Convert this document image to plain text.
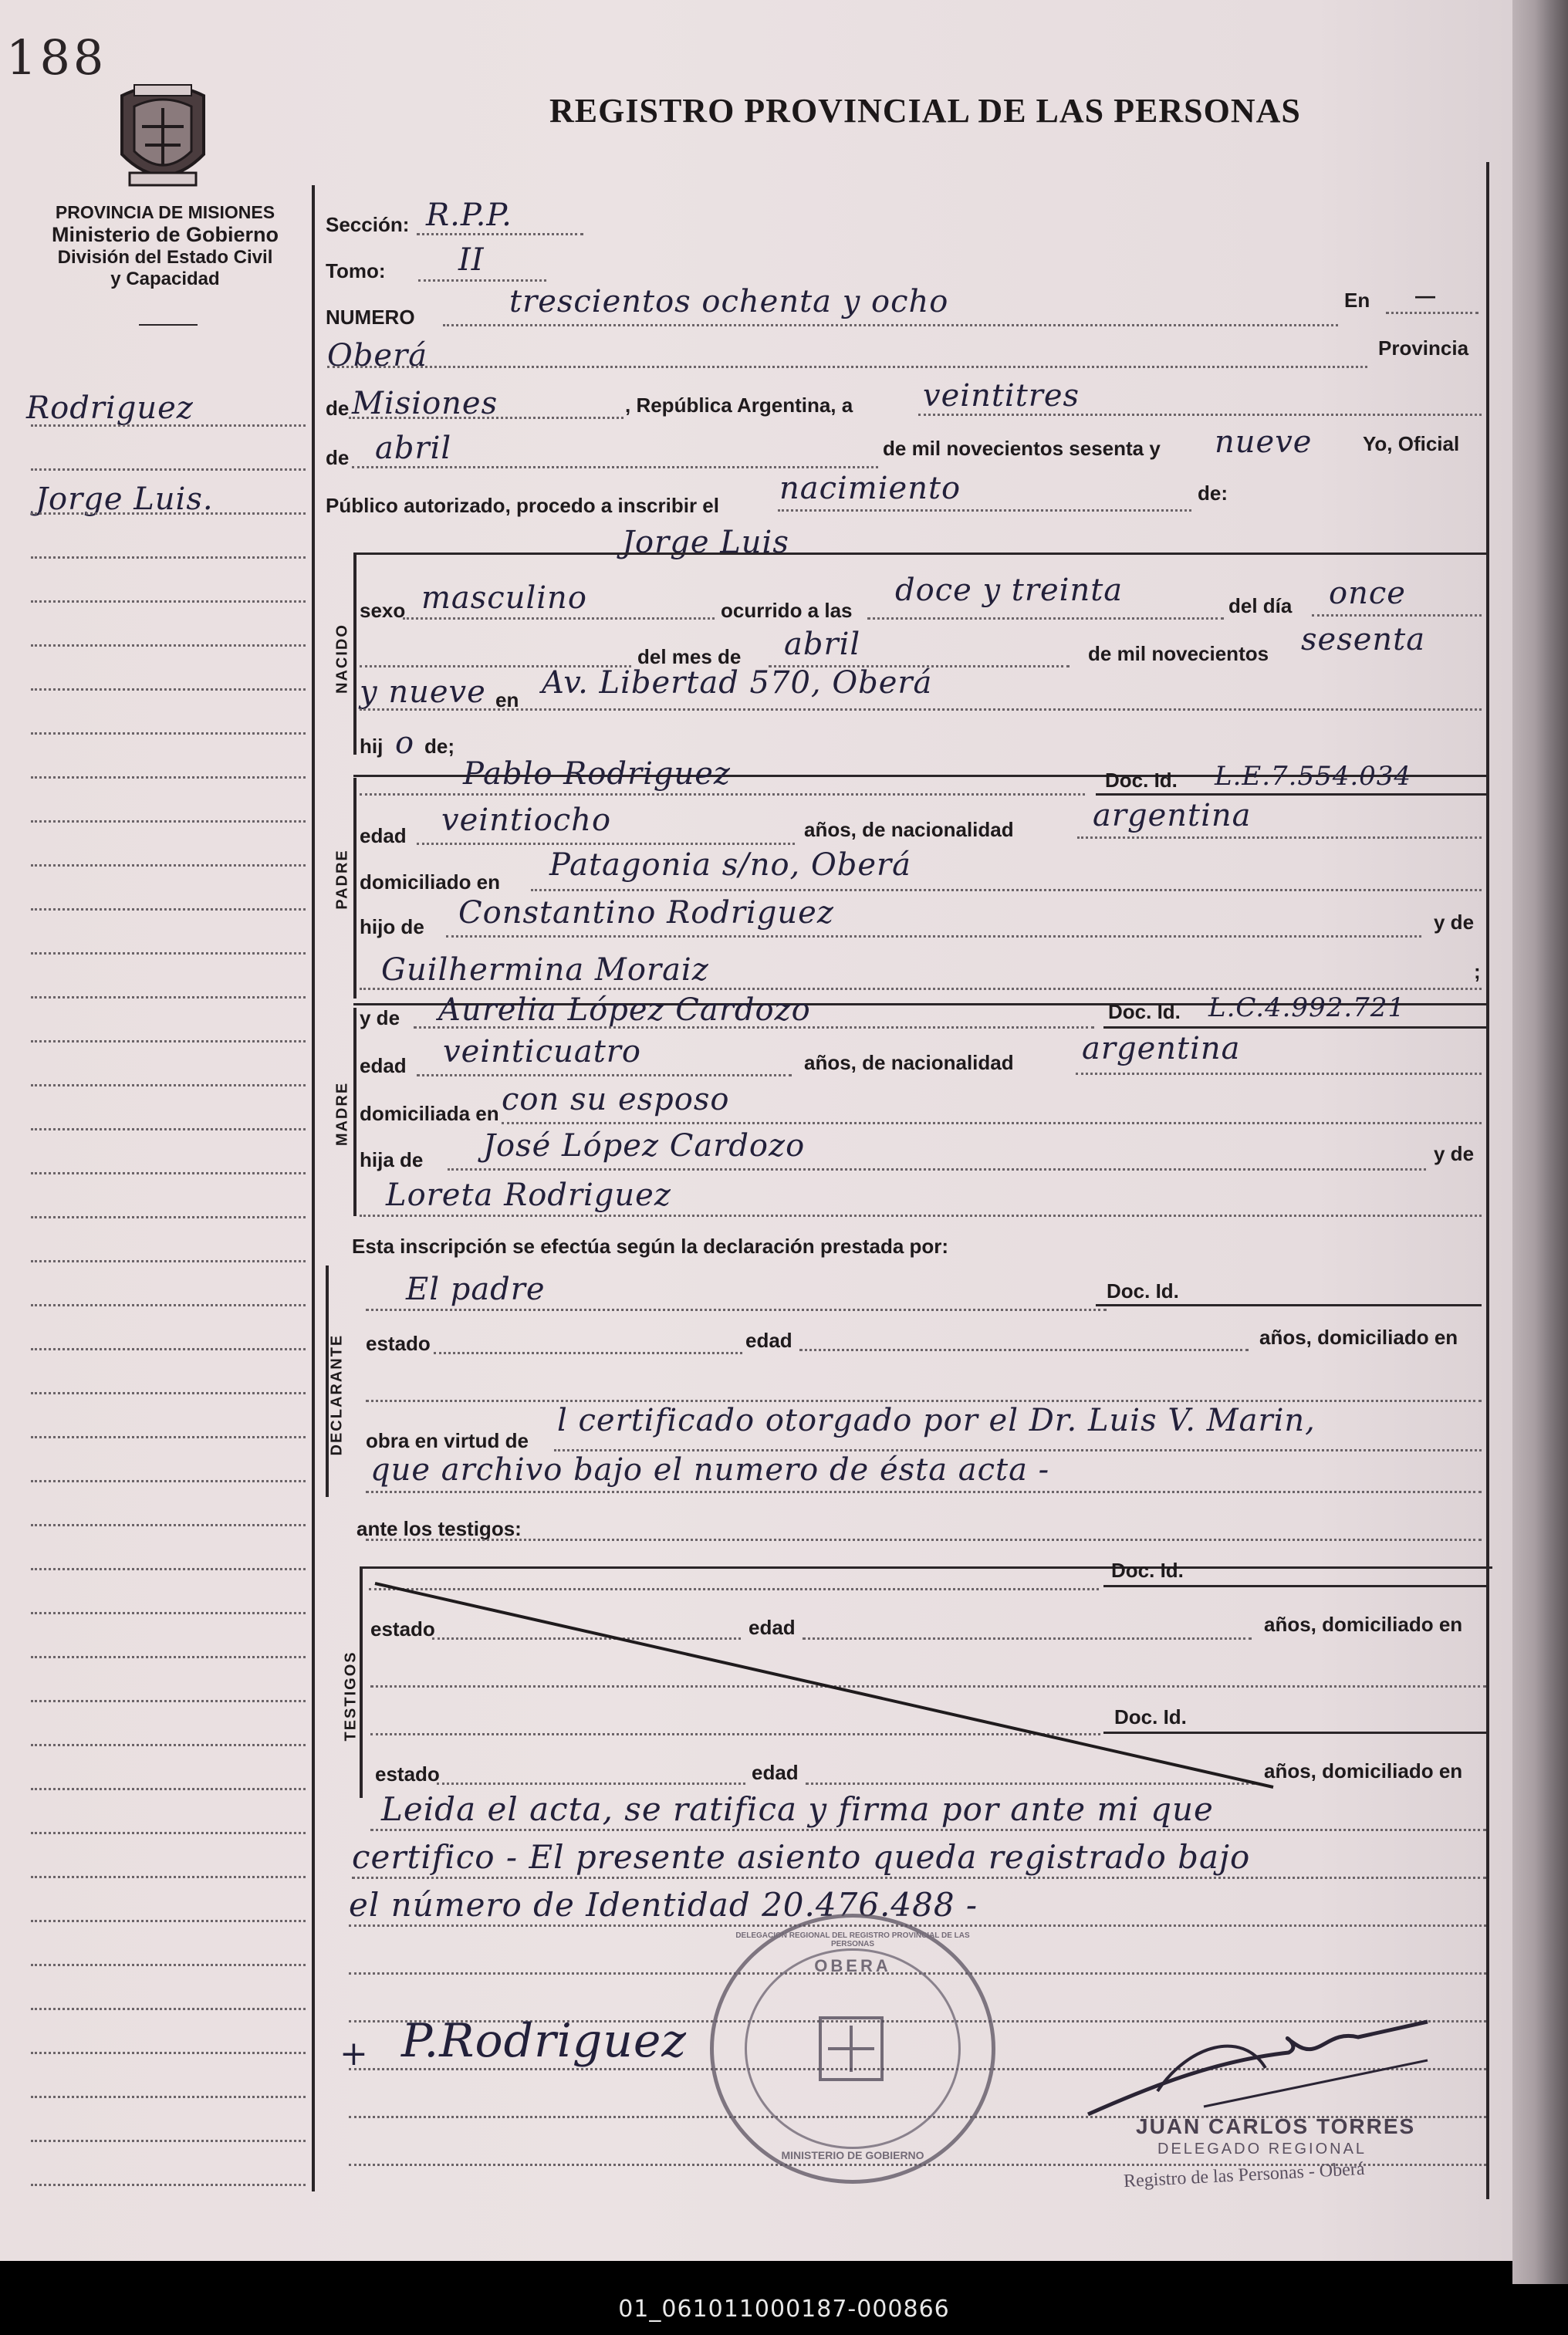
188
REGISTRO PROVINCIAL DE LAS PERSONAS
PROVINCIA DE MISIONES
Ministerio de Gobierno
División del Estado Civil
y Capacidad
Rodriguez
Jorge Luis.
NACIDO
PADRE
MADRE
DECLARANTE
TESTIGOS
Sección: R.P.P.
Tomo: II
NUMERO	trescientos ochenta y ocho	En —
Oberá	Provincia
de Misiones	, República Argentina, a veintitres
de abril	de mil novecientos sesenta y nueve	Yo, Oficial
Público autorizado, procedo a inscribir el nacimiento	de:
Jorge Luis
sexo masculino	ocurrido a las
doce y treinta	del día once
del mes de abril	de mil novecientos sesenta
y nueve en Av. Libertad 570, Oberá
hij o de;
Pablo Rodriguez	Doc. Id. L.E.7.554.034
edad veintiocho	años, de nacionalidad	argentina
domiciliado en Patagonia s/no, Oberá
hijo de Constantino Rodriguez	y de
Guilhermina Moraiz	;
y de Aurelia López Cardozo	Doc. Id. L.C.4.992.721
edad veinticuatro	años, de nacionalidad argentina
domiciliada en con su esposo
hija de José López Cardozo	y de
Loreta Rodriguez
Esta inscripción se efectúa según la declaración prestada por:
El padre	Doc. Id.
estado	edad	años, domiciliado en
obra en virtud de
l certificado otorgado por el Dr. Luis V. Marin,
que archivo bajo el numero de ésta acta -
ante los testigos:
Doc. Id.
estado	edad	años, domiciliado en
Doc. Id.
estado	edad	años, domiciliado en
Leida el acta, se ratifica y firma por ante mi que
certifico - El presente asiento queda registrado bajo
el número de Identidad 20.476.488 -
+ P.Rodriguez
JUAN CARLOS TORRES
DELEGADO REGIONAL
Registro de las Personas - Oberá
OBERA
DELEGACION REGIONAL DEL REGISTRO PROVINCIAL DE LAS PERSONAS
MINISTERIO DE GOBIERNO
01_061011000187-000866
